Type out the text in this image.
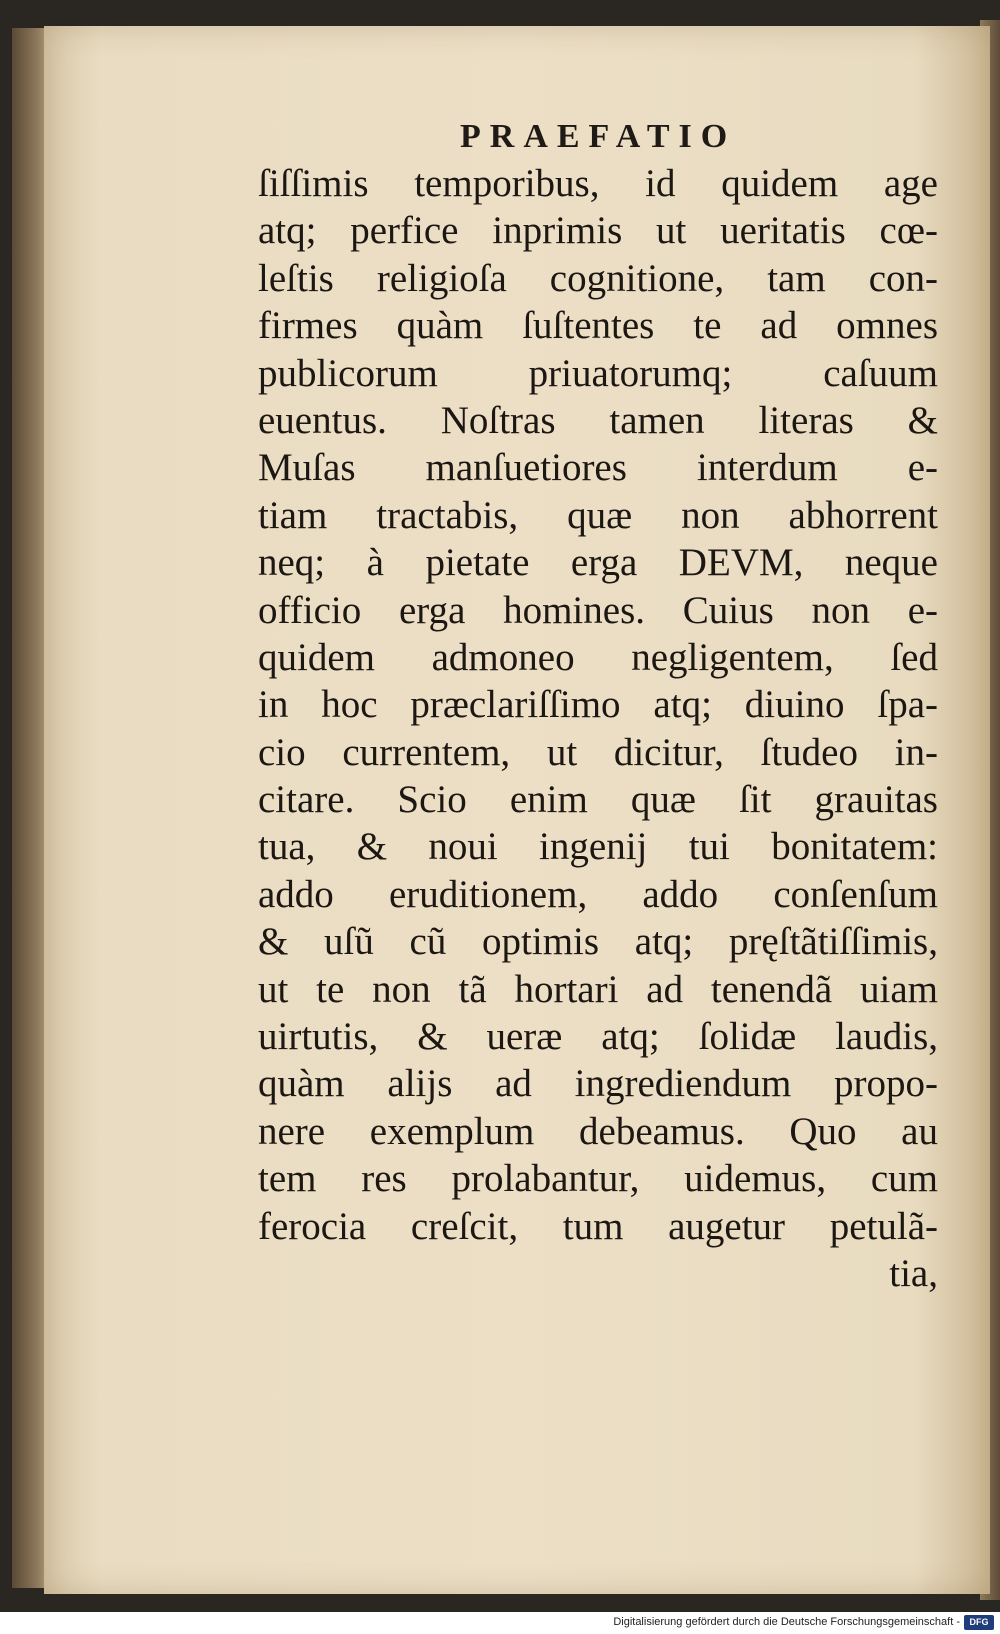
PRAEFATIO
ſiſſimis temporibus, id quidem age
atq; perfice inprimis ut ueritatis cœ-
leſtis religioſa cognitione, tam con-
firmes quàm ſuſtentes te ad omnes
publicorum priuatorumq; caſuum
euentus. Noſtras tamen literas &
Muſas manſuetiores interdum e-
tiam tractabis, quæ non abhorrent
neq; à pietate erga DEVM, neque
officio erga homines. Cuius non e-
quidem admoneo negligentem, ſed
in hoc præclariſſimo atq; diuino ſpa-
cio currentem, ut dicitur, ſtudeo in-
citare. Scio enim quæ ſit grauitas
tua, & noui ingenij tui bonitatem:
addo eruditionem, addo conſenſum
& uſũ cũ optimis atq; pręſtãtiſſimis,
ut te non tã hortari ad tenendã uiam
uirtutis, & ueræ atq; ſolidæ laudis,
quàm alijs ad ingrediendum propo-
nere exemplum debeamus. Quo au
tem res prolabantur, uidemus, cum
ferocia creſcit, tum augetur petulã-
tia,
Digitalisierung gefördert durch die Deutsche Forschungsgemeinschaft -	DFG
